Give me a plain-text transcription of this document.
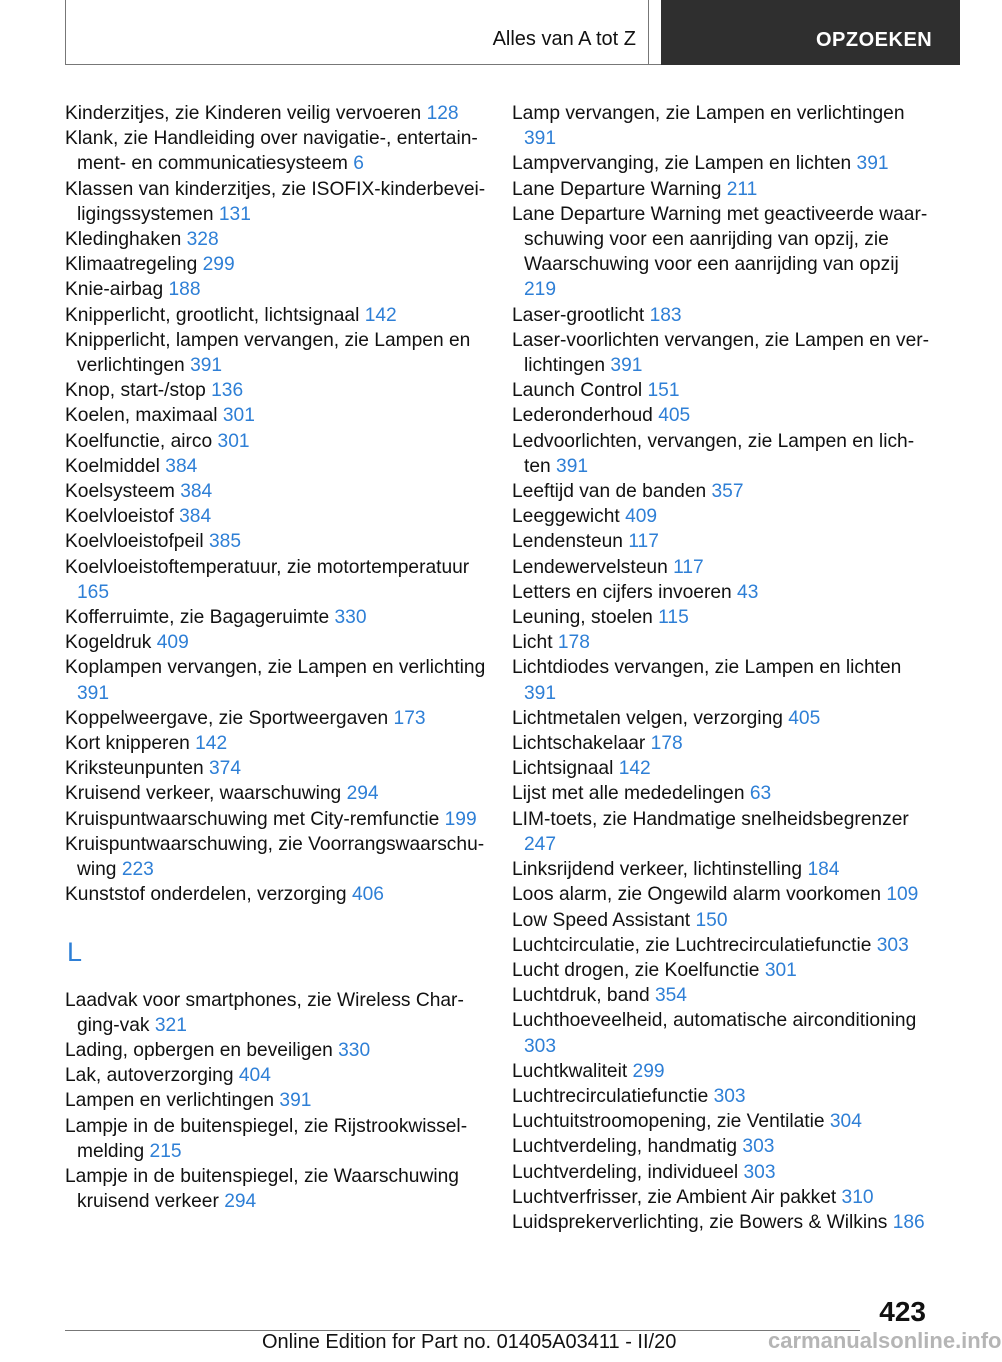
Alles van A tot Z	OPZOEKEN

Kinderzitjes, zie Kinderen veilig vervoeren 128

Klank, zie Handleiding over navigatie-, entertainment- en communicatiesysteem 6

Klassen van kinderzitjes, zie ISOFIX-kinderbeveiligingssystemen 131

Kledinghaken 328

Klimaatregeling 299

Knie-airbag 188

Knipperlicht, grootlicht, lichtsignaal 142

Knipperlicht, lampen vervangen, zie Lampen en verlichtingen 391

Knop, start-/stop 136

Koelen, maximaal 301

Koelfunctie, airco 301

Koelmiddel 384

Koelsysteem 384

Koelvloeistof 384

Koelvloeistofpeil 385

Koelvloeistoftemperatuur, zie motortemperatuur 165

Kofferruimte, zie Bagageruimte 330

Kogeldruk 409

Koplampen vervangen, zie Lampen en verlichting 391

Koppelweergave, zie Sportweergaven 173

Kort knipperen 142

Kriksteunpunten 374

Kruisend verkeer, waarschuwing 294

Kruispuntwaarschuwing met City-remfunctie 199

Kruispuntwaarschuwing, zie Voorrangswaarschuwing 223

Kunststof onderdelen, verzorging 406

L

Laadvak voor smartphones, zie Wireless Charging-vak 321

Lading, opbergen en beveiligen 330

Lak, autoverzorging 404

Lampen en verlichtingen 391

Lampje in de buitenspiegel, zie Rijstrookwisselmelding 215

Lampje in de buitenspiegel, zie Waarschuwing kruisend verkeer 294

Lamp vervangen, zie Lampen en verlichtingen 391

Lampvervanging, zie Lampen en lichten 391

Lane Departure Warning 211

Lane Departure Warning met geactiveerde waarschuwing voor een aanrijding van opzij, zie Waarschuwing voor een aanrijding van opzij 219

Laser-grootlicht 183

Laser-voorlichten vervangen, zie Lampen en verlichtingen 391

Launch Control 151

Lederonderhoud 405

Ledvoorlichten, vervangen, zie Lampen en lichten 391

Leeftijd van de banden 357

Leeggewicht 409

Lendensteun 117

Lendewervelsteun 117

Letters en cijfers invoeren 43

Leuning, stoelen 115

Licht 178

Lichtdiodes vervangen, zie Lampen en lichten 391

Lichtmetalen velgen, verzorging 405

Lichtschakelaar 178

Lichtsignaal 142

Lijst met alle mededelingen 63

LIM-toets, zie Handmatige snelheidsbegrenzer 247

Linksrijdend verkeer, lichtinstelling 184

Loos alarm, zie Ongewild alarm voorkomen 109

Low Speed Assistant 150

Luchtcirculatie, zie Luchtrecirculatiefunctie 303

Lucht drogen, zie Koelfunctie 301

Luchtdruk, band 354

Luchthoeveelheid, automatische airconditioning 303

Luchtkwaliteit 299

Luchtrecirculatiefunctie 303

Luchtuitstroomopening, zie Ventilatie 304

Luchtverdeling, handmatig 303

Luchtverdeling, individueel 303

Luchtverfrisser, zie Ambient Air pakket 310

Luidsprekerverlichting, zie Bowers & Wilkins 186

423
Online Edition for Part no. 01405A03411 - II/20	carmanualsonline.info
